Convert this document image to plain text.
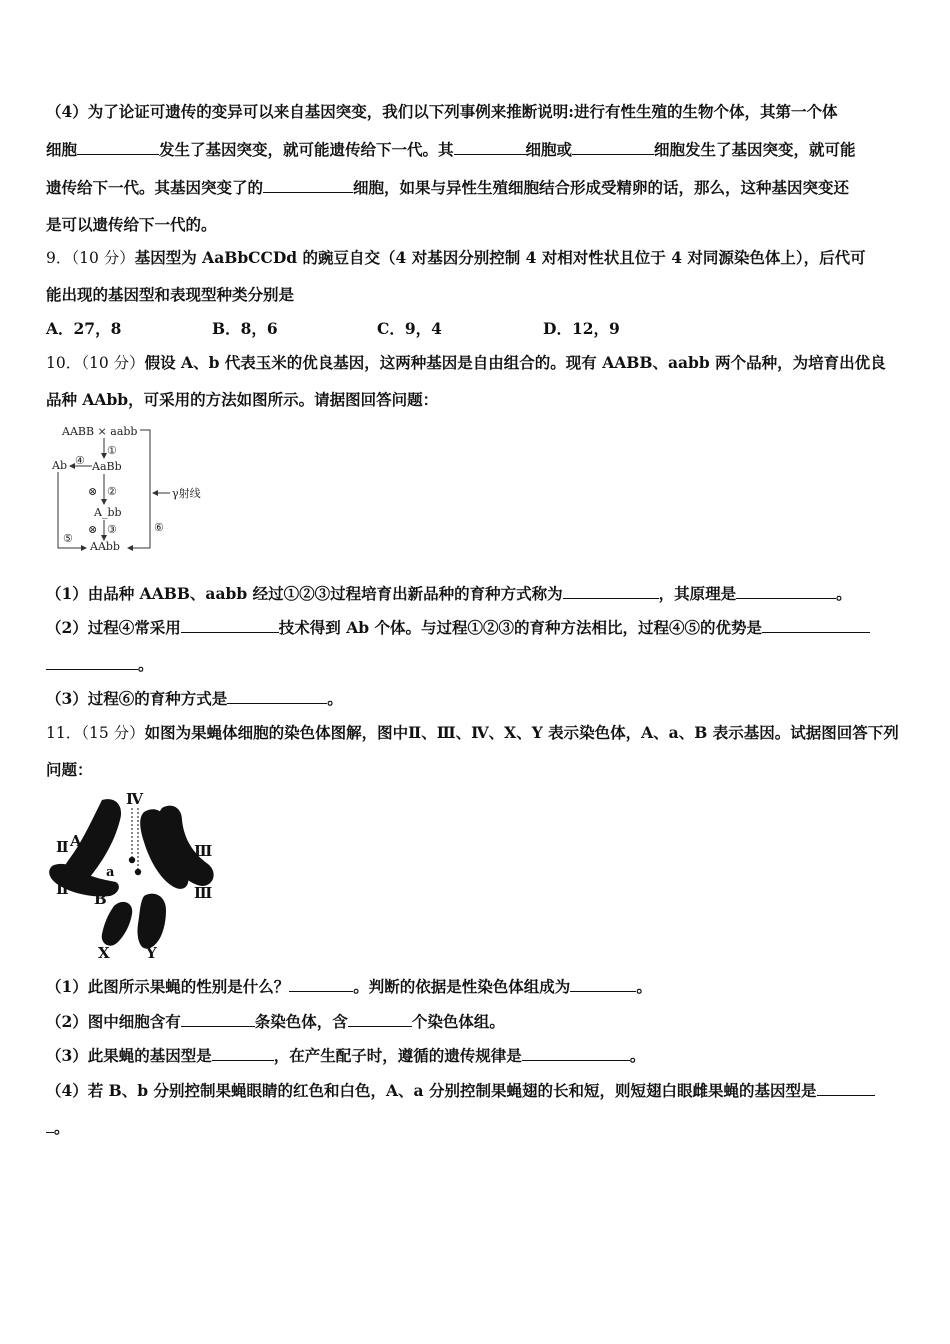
（4）为了论证可遗传的变异可以来自基因突变，我们以下列事例来推断说明:进行有性生殖的生物个体，其第一个体
细胞	发生了基因突变，就可能遗传给下一代。其	细胞或	细胞发生了基因突变，就可能
遗传给下一代。其基因突变了的	细胞，如果与异性生殖细胞结合形成受精卵的话，那么，这种基因突变还
是可以遗传给下一代的。
9．（10 分）基因型为 AaBbCCDd 的豌豆自交（4 对基因分别控制 4 对相对性状且位于 4 对同源染色体上），后代可
能出现的基因型和表现型种类分别是
A．27，8	B．8，6	C．9，4	D．12，9
10．（10 分）假设 A、b 代表玉米的优良基因，这两种基因是自由组合的。现有 AABB、aabb 两个品种，为培育出优良
品种 AAbb，可采用的方法如图所示。请据图回答问题：
AABB × aabb
①
AaBb
Ab ④
⊗ ②
A_bb
⊗ ③
AAbb
⑤
⑥
γ射线
（1）由品种 AABB、aabb 经过①②③过程培育出新品种的育种方式称为	，其原理是	。
（2）过程④常采用	技术得到 Ab 个体。与过程①②③的育种方法相比，过程④⑤的优势是
。
（3）过程⑥的育种方式是	。
11．（15 分）如图为果蝇体细胞的染色体图解，图中Ⅱ、Ⅲ、Ⅳ、X、Y 表示染色体，A、a、B 表示基因。试据图回答下列
问题：
Ⅳ
Ⅱ
Ⅱ
Ⅲ
Ⅲ
A
a
B
X Y
（1）此图所示果蝇的性别是什么？	。判断的依据是性染色体组成为	。
（2）图中细胞含有	条染色体，含	个染色体组。
（3）此果蝇的基因型是	，在产生配子时，遵循的遗传规律是	。
（4）若 B、b 分别控制果蝇眼睛的红色和白色，A、a 分别控制果蝇翅的长和短，则短翅白眼雌果蝇的基因型是
。
